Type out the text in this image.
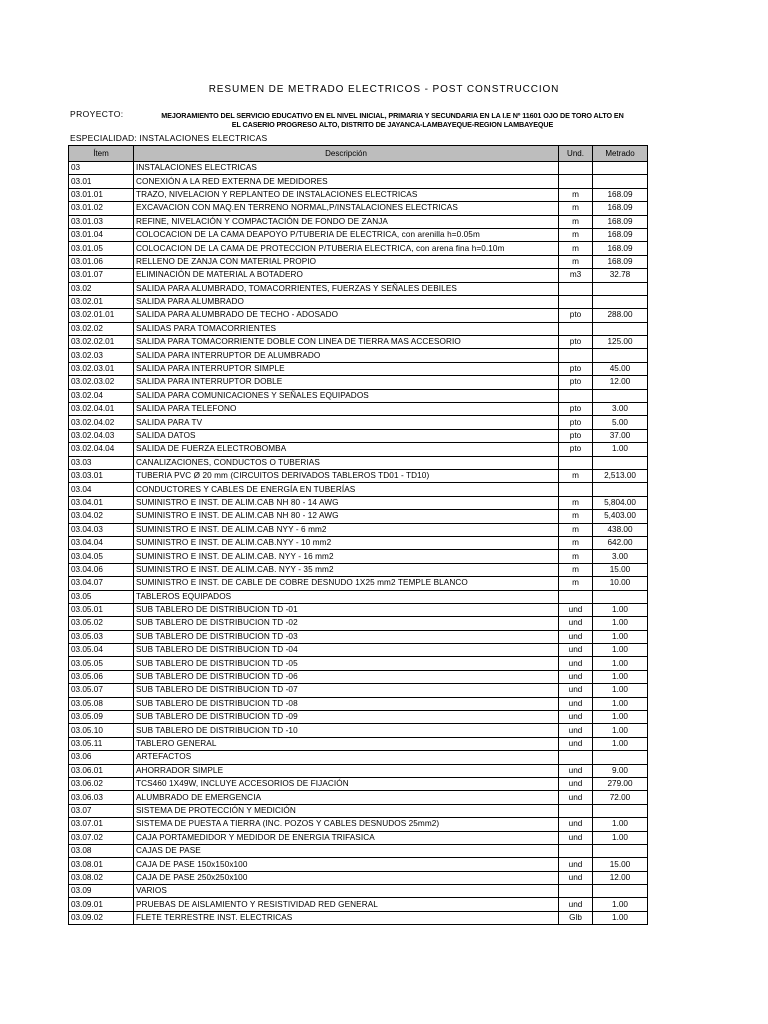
RESUMEN DE METRADO ELECTRICOS - POST CONSTRUCCION
PROYECTO:	MEJORAMIENTO DEL SERVICIO EDUCATIVO EN EL NIVEL INICIAL, PRIMARIA Y SECUNDARIA EN LA I.E Nº 11601 OJO DE TORO ALTO EN
EL CASERIO PROGRESO ALTO, DISTRITO DE JAYANCA-LAMBAYEQUE-REGION LAMBAYEQUE
ESPECIALIDAD: INSTALACIONES ELECTRICAS
Ítem	Descripción	Und.	Metrado
03	INSTALACIONES ELECTRICAS		
03.01	CONEXIÓN A LA RED EXTERNA DE MEDIDORES		
03.01.01	TRAZO, NIVELACION Y REPLANTEO DE INSTALACIONES ELECTRICAS	m	168.09
03.01.02	EXCAVACION CON MAQ.EN TERRENO NORMAL,P/INSTALACIONES ELECTRICAS	m	168.09
03.01.03	REFINE, NIVELACIÓN Y COMPACTACIÓN DE FONDO DE ZANJA	m	168.09
03.01.04	COLOCACION DE LA CAMA DEAPOYO P/TUBERIA DE ELECTRICA, con arenilla h=0.05m	m	168.09
03.01.05	COLOCACION DE LA CAMA DE PROTECCION P/TUBERIA ELECTRICA, con arena fina h=0.10m	m	168.09
03.01.06	RELLENO DE ZANJA CON MATERIAL PROPIO	m	168.09
03.01.07	ELIMINACIÓN DE MATERIAL A BOTADERO	m3	32.78
03.02	SALIDA PARA ALUMBRADO, TOMACORRIENTES, FUERZAS Y SEÑALES DEBILES		
03.02.01	SALIDA PARA ALUMBRADO		
03.02.01.01	SALIDA PARA ALUMBRADO DE TECHO - ADOSADO	pto	288.00
03.02.02	SALIDAS PARA TOMACORRIENTES		
03.02.02.01	SALIDA PARA TOMACORRIENTE DOBLE CON LINEA DE TIERRA MAS ACCESORIO	pto	125.00
03.02.03	SALIDA PARA INTERRUPTOR DE ALUMBRADO		
03.02.03.01	SALIDA PARA INTERRUPTOR SIMPLE	pto	45.00
03.02.03.02	SALIDA PARA INTERRUPTOR DOBLE	pto	12.00
03.02.04	SALIDA PARA COMUNICACIONES Y SEÑALES EQUIPADOS		
03.02.04.01	SALIDA PARA TELEFONO	pto	3.00
03.02.04.02	SALIDA PARA TV	pto	5.00
03.02.04.03	SALIDA DATOS	pto	37.00
03.02.04.04	SALIDA DE FUERZA ELECTROBOMBA	pto	1.00
03.03	CANALIZACIONES, CONDUCTOS O TUBERIAS		
03.03.01	TUBERIA PVC Ø 20 mm (CIRCUITOS DERIVADOS TABLEROS TD01 - TD10)	m	2,513.00
03.04	CONDUCTORES Y CABLES DE ENERGÍA EN TUBERÍAS		
03.04.01	SUMINISTRO E INST. DE ALIM.CAB NH 80 - 14 AWG	m	5,804.00
03.04.02	SUMINISTRO E INST. DE ALIM.CAB NH 80 - 12 AWG	m	5,403.00
03.04.03	SUMINISTRO E INST. DE ALIM.CAB NYY - 6 mm2	m	438.00
03.04.04	SUMINISTRO E INST. DE ALIM.CAB.NYY - 10 mm2	m	642.00
03.04.05	SUMINISTRO E INST. DE ALIM.CAB. NYY - 16 mm2	m	3.00
03.04.06	SUMINISTRO E INST. DE ALIM.CAB. NYY - 35 mm2	m	15.00
03.04.07	SUMINISTRO E INST. DE CABLE DE COBRE DESNUDO 1X25 mm2 TEMPLE BLANCO	m	10.00
03.05	TABLEROS EQUIPADOS		
03.05.01	SUB TABLERO DE DISTRIBUCION TD -01	und	1.00
03.05.02	SUB TABLERO DE DISTRIBUCION TD -02	und	1.00
03.05.03	SUB TABLERO DE DISTRIBUCION TD -03	und	1.00
03.05.04	SUB TABLERO DE DISTRIBUCION TD -04	und	1.00
03.05.05	SUB TABLERO DE DISTRIBUCION TD -05	und	1.00
03.05.06	SUB TABLERO DE DISTRIBUCION TD -06	und	1.00
03.05.07	SUB TABLERO DE DISTRIBUCION TD -07	und	1.00
03.05.08	SUB TABLERO DE DISTRIBUCION TD -08	und	1.00
03.05.09	SUB TABLERO DE DISTRIBUCION TD -09	und	1.00
03.05.10	SUB TABLERO DE DISTRIBUCION TD -10	und	1.00
03.05.11	TABLERO GENERAL	und	1.00
03.06	ARTEFACTOS		
03.06.01	AHORRADOR SIMPLE	und	9.00
03.06.02	TCS460 1X49W, INCLUYE ACCESORIOS DE FIJACIÓN	und	279.00
03.06.03	ALUMBRADO DE EMERGENCIA	und	72.00
03.07	SISTEMA DE PROTECCIÓN Y MEDICIÓN		
03.07.01	SISTEMA DE PUESTA A TIERRA (INC. POZOS Y CABLES DESNUDOS 25mm2)	und	1.00
03.07.02	CAJA PORTAMEDIDOR Y MEDIDOR DE ENERGIA TRIFASICA	und	1.00
03.08	CAJAS DE PASE		
03.08.01	CAJA DE PASE 150x150x100	und	15.00
03.08.02	CAJA DE PASE 250x250x100	und	12.00
03.09	VARIOS		
03.09.01	PRUEBAS DE AISLAMIENTO Y RESISTIVIDAD RED GENERAL	und	1.00
03.09.02	FLETE TERRESTRE INST. ELECTRICAS	Glb	1.00
